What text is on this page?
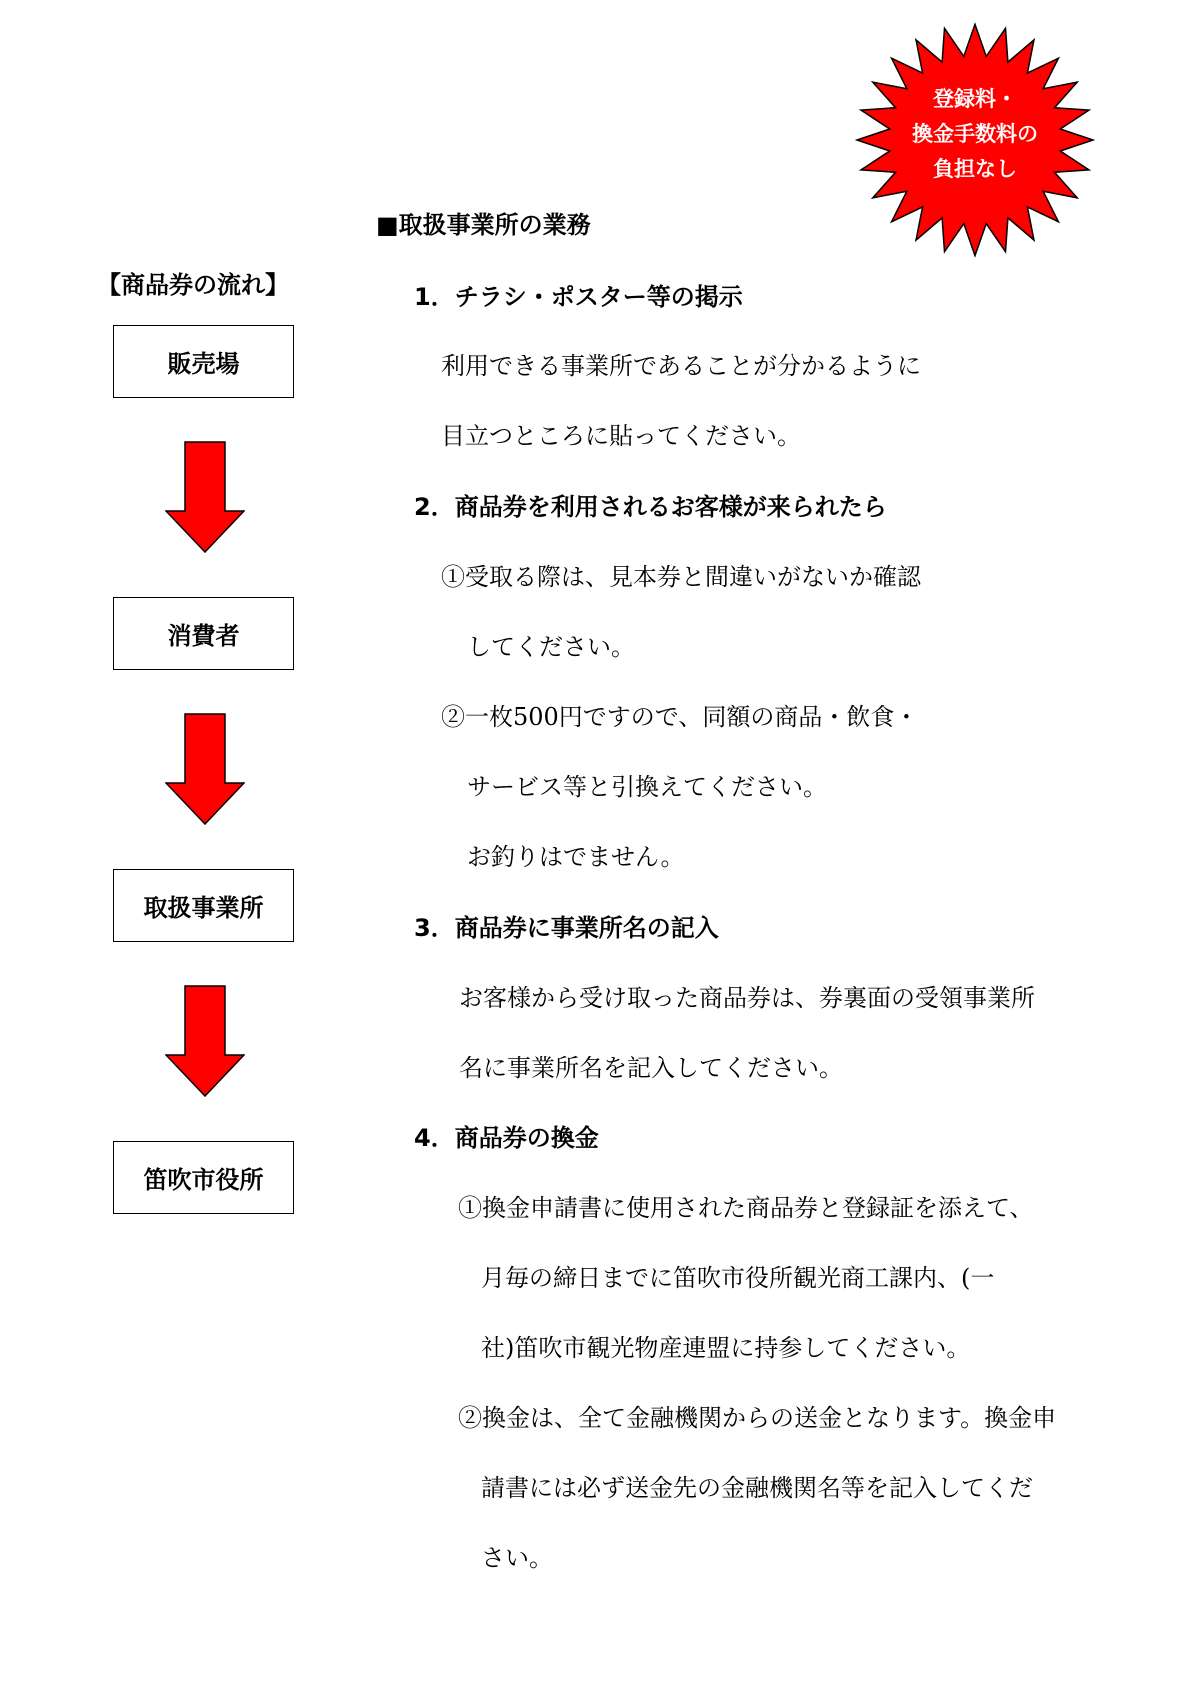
登録料・
換金手数料の
負担なし
■取扱事業所の業務
【商品券の流れ】
販売場
消費者
取扱事業所
笛吹市役所
1．チラシ・ポスター等の掲示
利用できる事業所であることが分かるように
目立つところに貼ってください。
2．商品券を利用されるお客様が来られたら
①受取る際は、見本券と間違いがないか確認
してください。
②一枚500円ですので、同額の商品・飲食・
サービス等と引換えてください。
お釣りはでません。
3．商品券に事業所名の記入
お客様から受け取った商品券は、券裏面の受領事業所
名に事業所名を記入してください。
4．商品券の換金
①換金申請書に使用された商品券と登録証を添えて、
月毎の締日までに笛吹市役所観光商工課内、(一
社)笛吹市観光物産連盟に持参してください。
②換金は、全て金融機関からの送金となります。換金申
請書には必ず送金先の金融機関名等を記入してくだ
さい。
